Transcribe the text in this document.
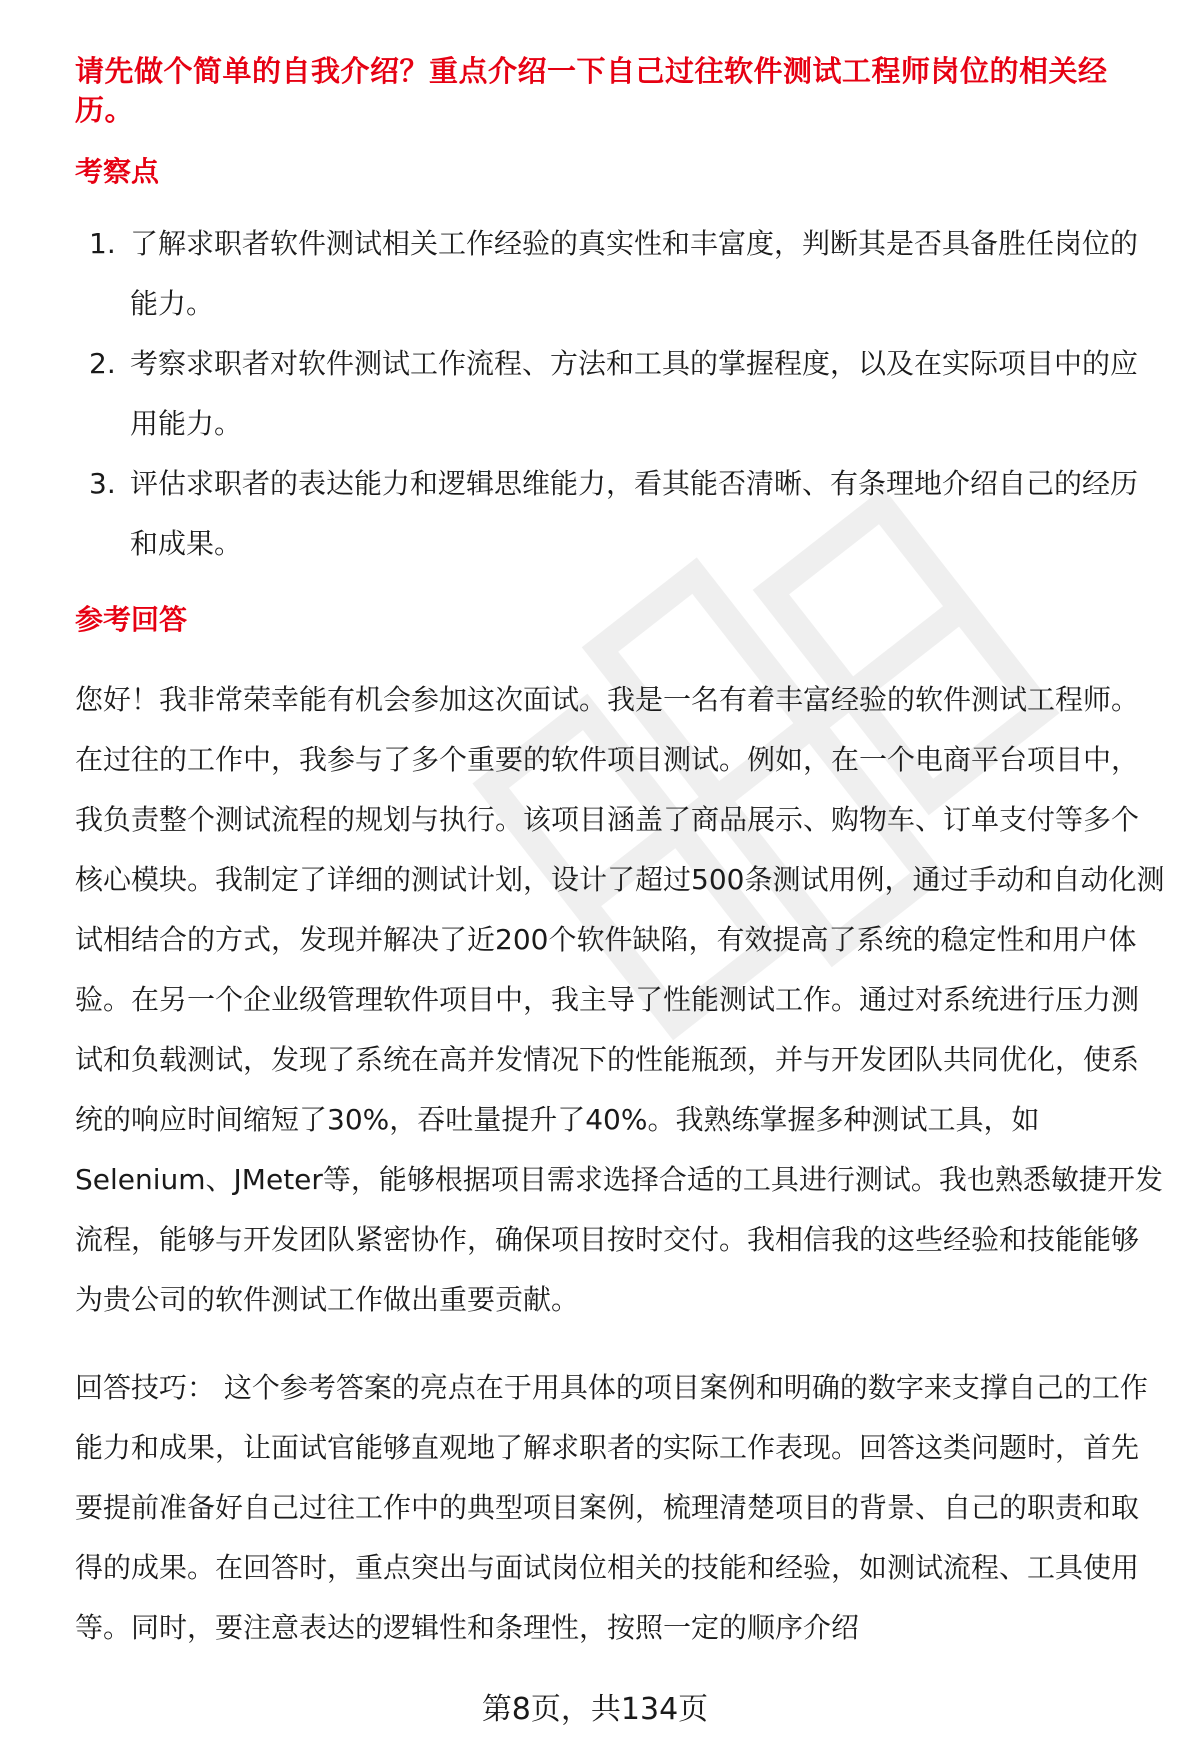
请先做个简单的自我介绍？重点介绍一下自己过往软件测试工程师岗位的相关经历。
考察点
1. 了解求职者软件测试相关工作经验的真实性和丰富度，判断其是否具备胜任岗位的能力。
2. 考察求职者对软件测试工作流程、方法和工具的掌握程度，以及在实际项目中的应用能力。
3. 评估求职者的表达能力和逻辑思维能力，看其能否清晰、有条理地介绍自己的经历和成果。
参考回答

您好！我非常荣幸能有机会参加这次面试。我是一名有着丰富经验的软件测试工程师。在过往的工作中，我参与了多个重要的软件项目测试。例如，在一个电商平台项目中，我负责整个测试流程的规划与执行。该项目涵盖了商品展示、购物车、订单支付等多个核心模块。我制定了详细的测试计划，设计了超过500条测试用例，通过手动和自动化测试相结合的方式，发现并解决了近200个软件缺陷，有效提高了系统的稳定性和用户体验。在另一个企业级管理软件项目中，我主导了性能测试工作。通过对系统进行压力测试和负载测试，发现了系统在高并发情况下的性能瓶颈，并与开发团队共同优化，使系统的响应时间缩短了30%，吞吐量提升了40%。我熟练掌握多种测试工具，如Selenium、JMeter等，能够根据项目需求选择合适的工具进行测试。我也熟悉敏捷开发流程，能够与开发团队紧密协作，确保项目按时交付。我相信我的这些经验和技能能够为贵公司的软件测试工作做出重要贡献。

回答技巧： 这个参考答案的亮点在于用具体的项目案例和明确的数字来支撑自己的工作能力和成果，让面试官能够直观地了解求职者的实际工作表现。回答这类问题时，首先要提前准备好自己过往工作中的典型项目案例，梳理清楚项目的背景、自己的职责和取得的成果。在回答时，重点突出与面试岗位相关的技能和经验，如测试流程、工具使用等。同时，要注意表达的逻辑性和条理性，按照一定的顺序介绍

第8页，共134页
